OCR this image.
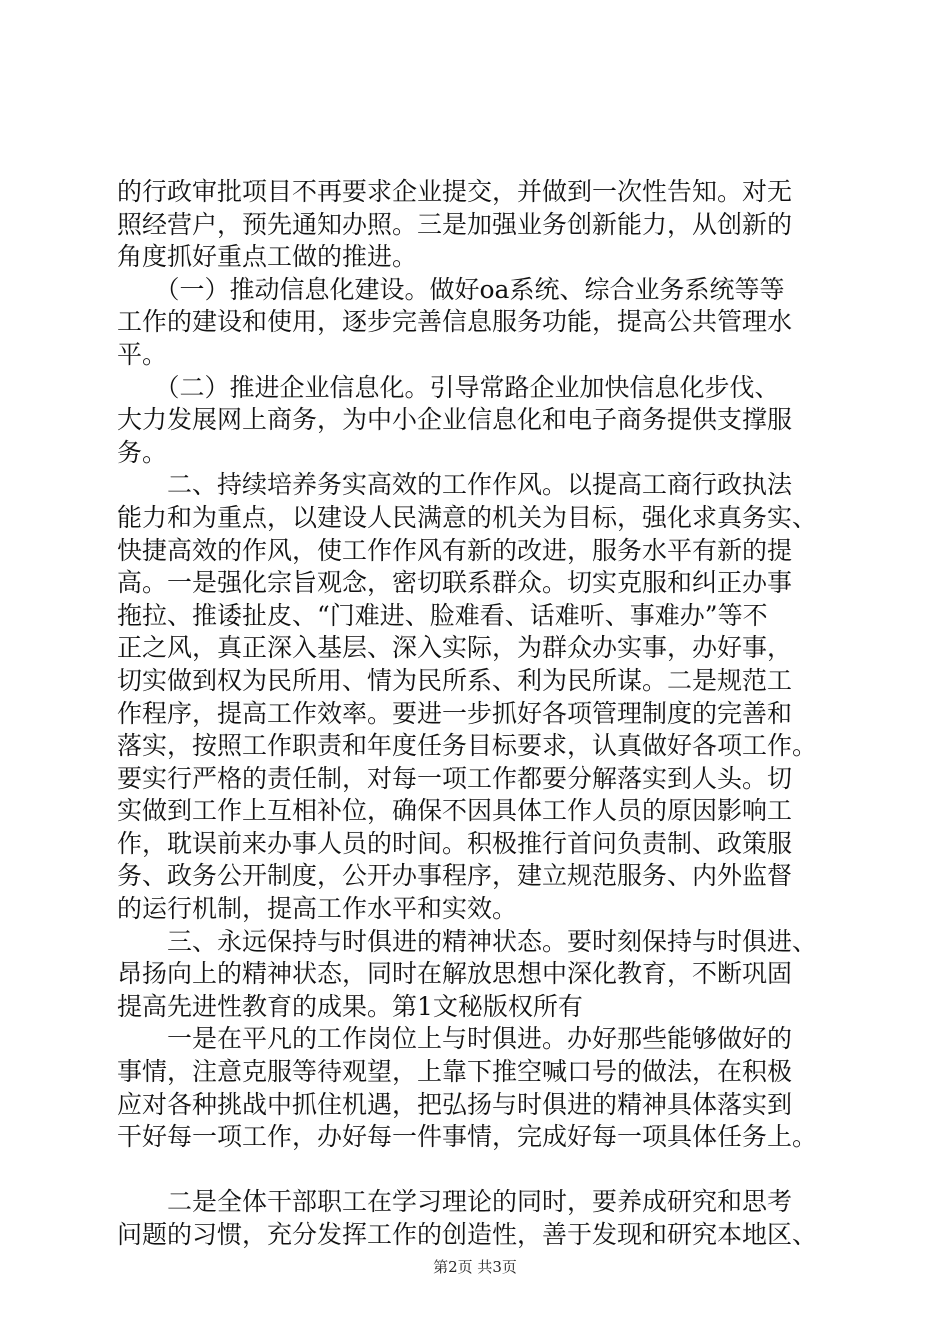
的行政审批项目不再要求企业提交，并做到一次性告知。对无
照经营户，预先通知办照。三是加强业务创新能力，从创新的
角度抓好重点工做的推进。
　　（一）推动信息化建设。做好oa系统、综合业务系统等等
工作的建设和使用，逐步完善信息服务功能，提高公共管理水
平。
　　（二）推进企业信息化。引导常路企业加快信息化步伐、
大力发展网上商务，为中小企业信息化和电子商务提供支撑服
务。
　　二、持续培养务实高效的工作作风。以提高工商行政执法
能力和为重点，以建设人民满意的机关为目标，强化求真务实、
快捷高效的作风，使工作作风有新的改进，服务水平有新的提
高。一是强化宗旨观念，密切联系群众。切实克服和纠正办事
拖拉、推诿扯皮、“门难进、脸难看、话难听、事难办”等不
正之风，真正深入基层、深入实际，为群众办实事，办好事，
切实做到权为民所用、情为民所系、利为民所谋。二是规范工
作程序，提高工作效率。要进一步抓好各项管理制度的完善和
落实，按照工作职责和年度任务目标要求，认真做好各项工作。
要实行严格的责任制，对每一项工作都要分解落实到人头。切
实做到工作上互相补位，确保不因具体工作人员的原因影响工
作，耽误前来办事人员的时间。积极推行首问负责制、政策服
务、政务公开制度，公开办事程序，建立规范服务、内外监督
的运行机制，提高工作水平和实效。
　　三、永远保持与时俱进的精神状态。要时刻保持与时俱进、
昂扬向上的精神状态，同时在解放思想中深化教育，不断巩固
提高先进性教育的成果。第1文秘版权所有
　　一是在平凡的工作岗位上与时俱进。办好那些能够做好的
事情，注意克服等待观望，上靠下推空喊口号的做法，在积极
应对各种挑战中抓住机遇，把弘扬与时俱进的精神具体落实到
干好每一项工作，办好每一件事情，完成好每一项具体任务上。
　　二是全体干部职工在学习理论的同时，要养成研究和思考
问题的习惯，充分发挥工作的创造性，善于发现和研究本地区、
第2页 共3页
